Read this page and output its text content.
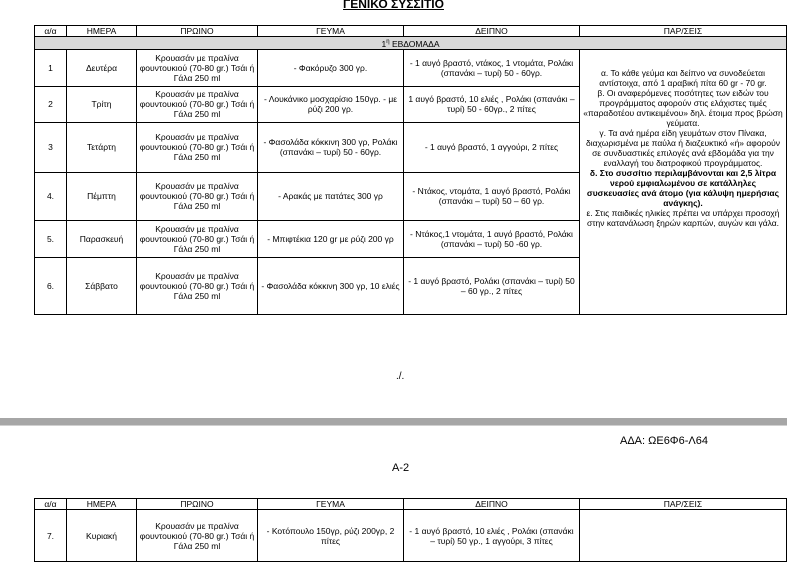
ΓΕΝΙΚΟ ΣΥΣΣΙΤΙΟ
α/α	ΗΜΕΡΑ	ΠΡΩΙΝΟ	ΓΕΥΜΑ	ΔΕΙΠΝΟ	ΠΑΡ/ΣΕΙΣ
$1^\eta$ ΕΒΔΟΜΑΔΑ					
1	Δευτέρα	Κρουασάν με πραλίνα φουντουκιού (70-80 gr.) Τσάι ή Γάλα 250 ml	- Φακόρυζο 300 γρ.	- 1 αυγό βραστό, ντάκος, 1 ντομάτα, Ρολάκι (σπανάκι – τυρί) 50 - 60γρ.	α. Το κάθε γεύμα και δείπνο να συνοδεύεται αντίστοιχα, από 1 αραβική πίτα 60 gr - 70 gr.

β. Οι αναφερόμενες ποσότητες των ειδών του προγράμματος αφορούν στις ελάχιστες τιμές «παραδοτέου αντικειμένου» δηλ. έτοιμα προς βρώση γεύματα.

γ. Τα ανά ημέρα είδη γευμάτων στον Πίνακα, διαχωρισμένα με παύλα ή διαζευκτικό «ή» αφορούν σε συνδυαστικές επιλογές ανά εβδομάδα για την εναλλαγή του διατροφικού προγράμματος.

δ. Στο συσσίτιο περιλαμβάνονται και 2,5 λίτρα νερού εμφιαλωμένου σε κατάλληλες συσκευασίες ανά άτομο (για κάλυψη ημερήσιας ανάγκης).

ε. Στις παιδικές ηλικίες πρέπει να υπάρχει προσοχή στην κατανάλωση ξηρών καρπών, αυγών και γάλα.

2	Τρίτη	Κρουασάν με πραλίνα φουντουκιού (70-80 gr.) Τσάι ή Γάλα 250 ml	- Λουκάνικο μοσχαρίσιο 150γρ. - με ρύζι 200 γρ.	1 αυγό βραστό, 10 ελιές , Ρολάκι (σπανάκι – τυρί) 50 - 60γρ., 2 πίτες	
3	Τετάρτη	Κρουασάν με πραλίνα φουντουκιού (70-80 gr.) Τσάι ή Γάλα 250 ml	- Φασολάδα κόκκινη 300 γρ, Ρολάκι (σπανάκι – τυρί) 50 - 60γρ.	- 1 αυγό βραστό, 1 αγγούρι, 2 πίτες	
4.	Πέμπτη	Κρουασάν με πραλίνα φουντουκιού (70-80 gr.) Τσάι ή Γάλα 250 ml	- Αρακάς με πατάτες 300 γρ	- Ντάκος, ντομάτα, 1 αυγό βραστό, Ρολάκι (σπανάκι – τυρί) 50 – 60 γρ.	
5.	Παρασκευή	Κρουασάν με πραλίνα φουντουκιού (70-80 gr.) Τσάι ή Γάλα 250 ml	- Μπιφτέκια 120 gr με ρύζι 200 γρ	- Ντάκος,1 ντομάτα, 1 αυγό βραστό, Ρολάκι (σπανάκι – τυρί) 50 -60 γρ.	
6.	Σάββατο	Κρουασάν με πραλίνα φουντουκιού (70-80 gr.) Τσάι ή Γάλα 250 ml	- Φασολάδα κόκκινη 300 γρ, 10 ελιές	- 1 αυγό βραστό, Ρολάκι (σπανάκι – τυρί) 50 – 60 γρ., 2 πίτες	
./.
ΑΔΑ: ΩΕ6Φ6-Λ64
Α-2
α/α	ΗΜΕΡΑ	ΠΡΩΙΝΟ	ΓΕΥΜΑ	ΔΕΙΠΝΟ	ΠΑΡ/ΣΕΙΣ
7.	Κυριακή	Κρουασάν με πραλίνα φουντουκιού (70-80 gr.) Τσάι ή Γάλα 250 ml	- Κοτόπουλο 150γρ, ρύζι 200γρ, 2 πίτες	- 1 αυγό βραστό, 10 ελιές , Ρολάκι (σπανάκι – τυρί) 50 γρ., 1 αγγούρι, 3 πίτες	
